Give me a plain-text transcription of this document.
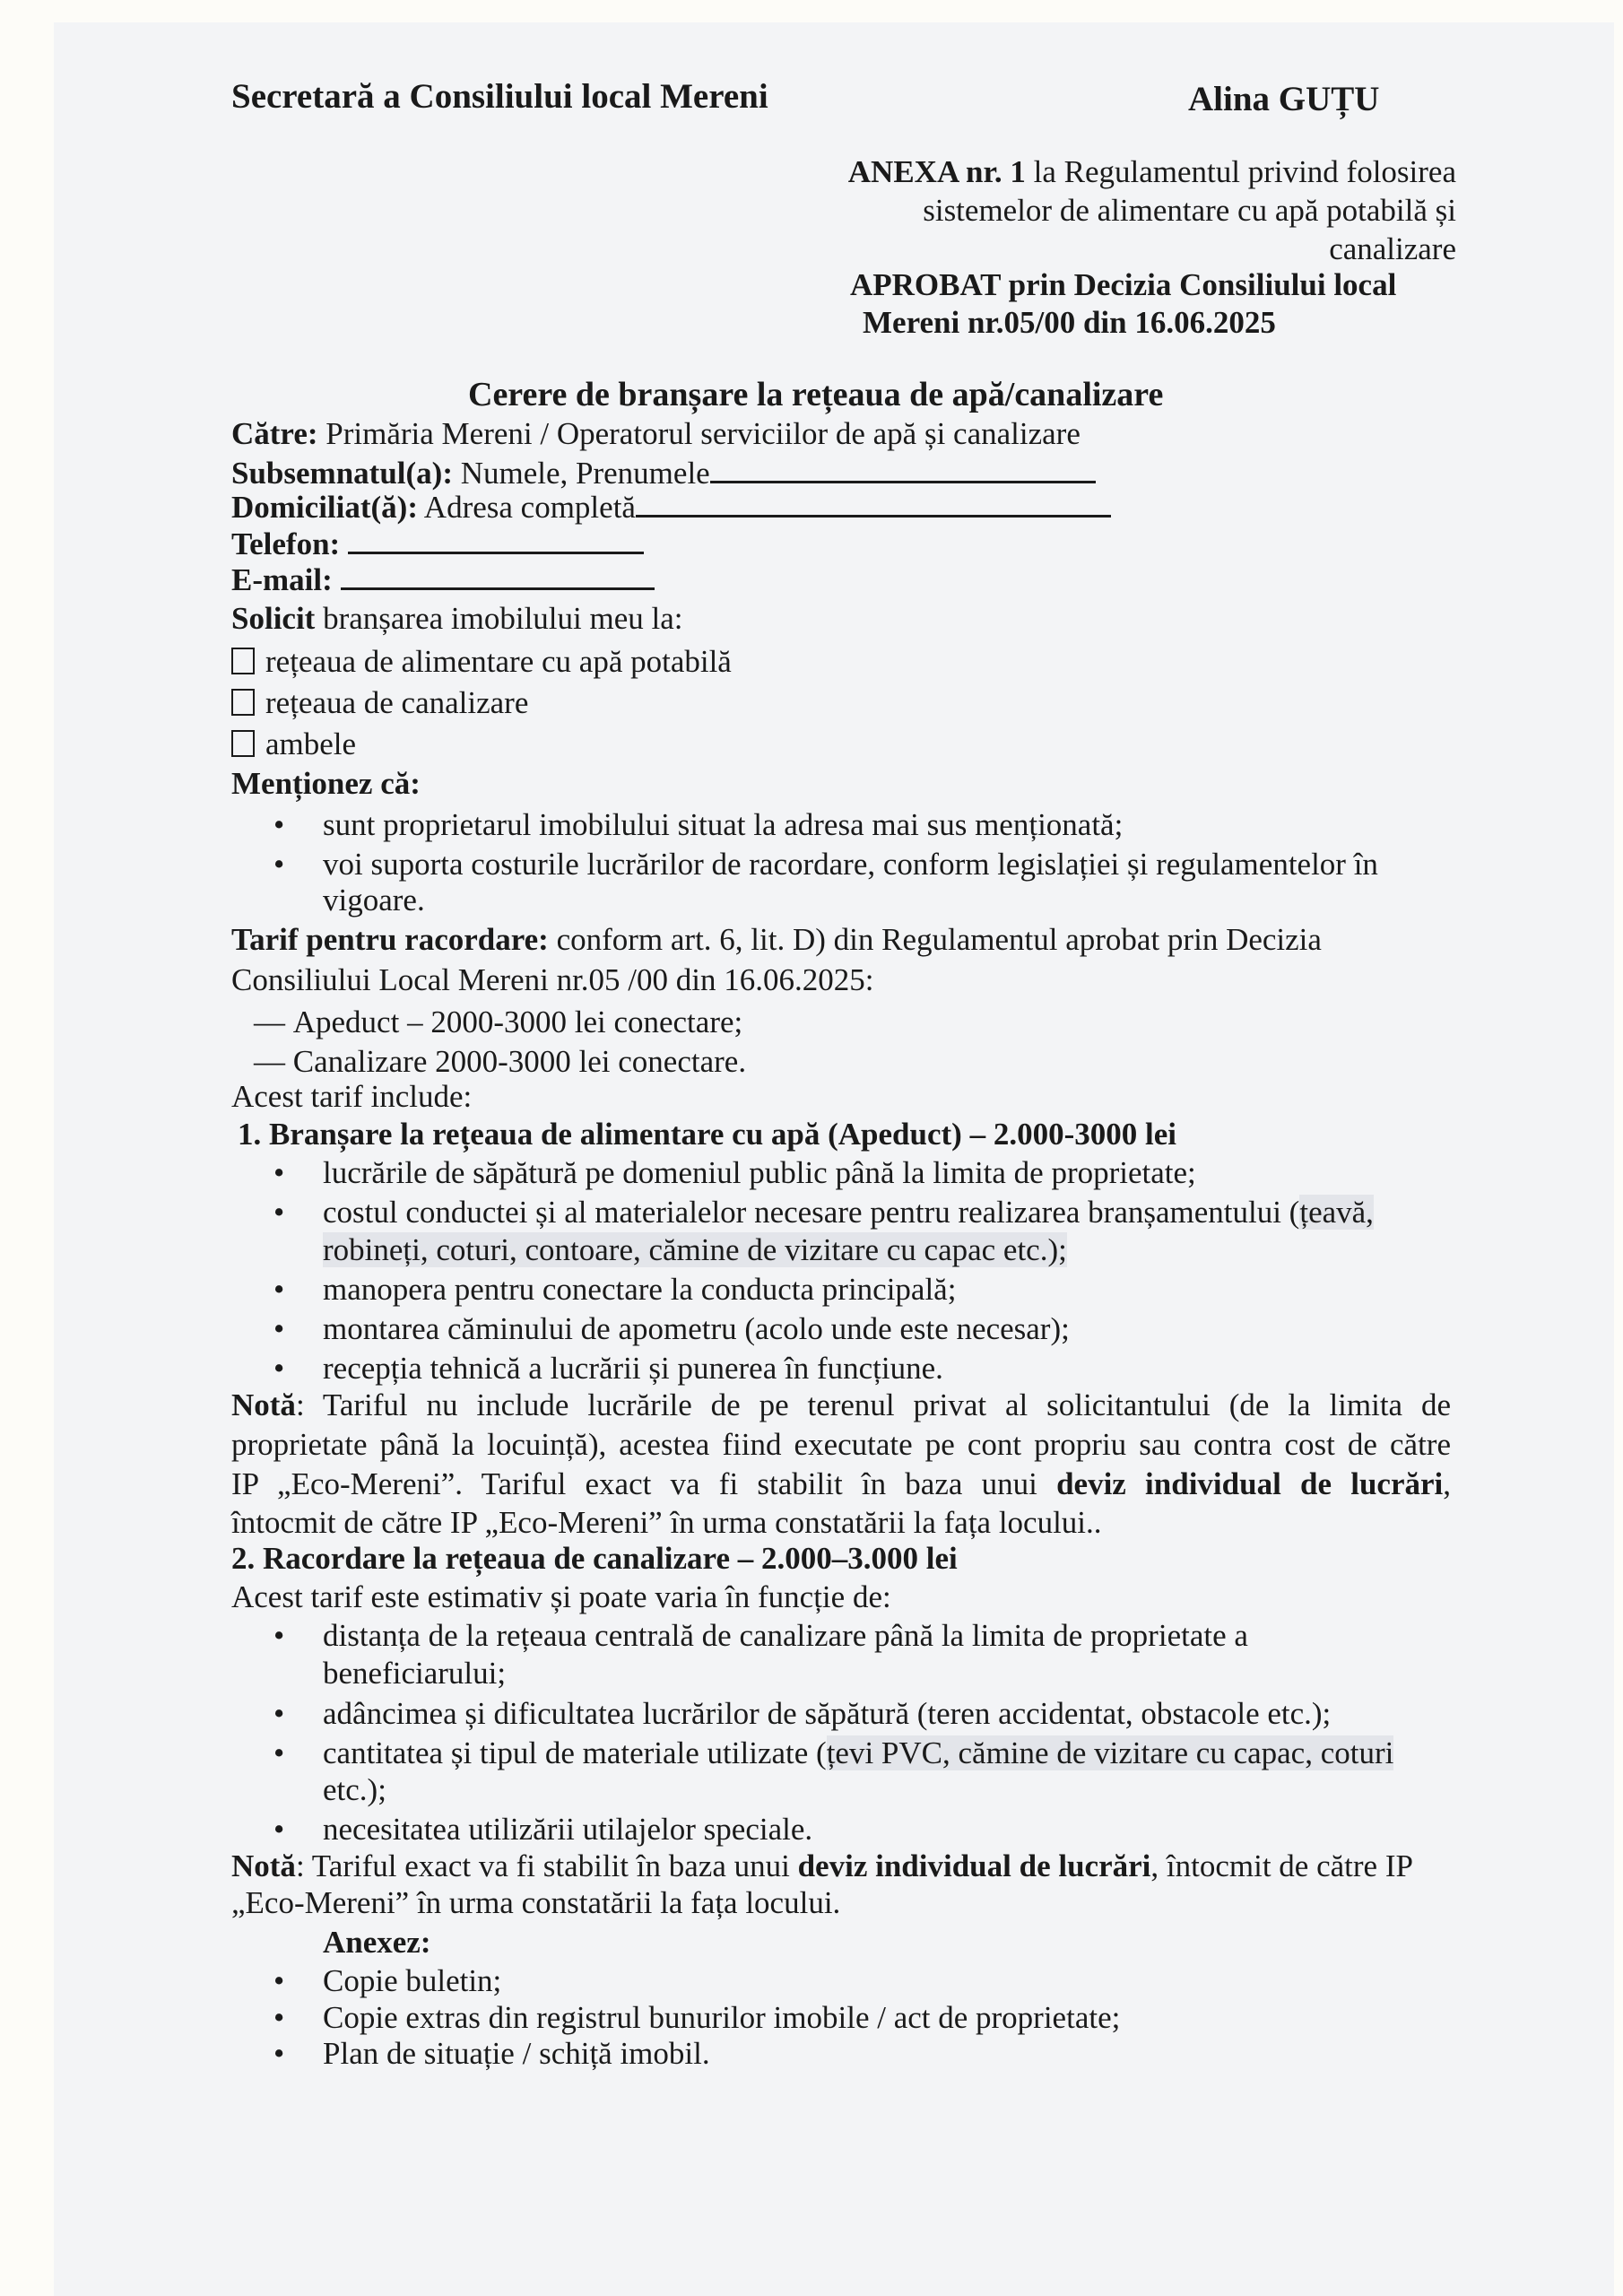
Secretară a Consiliului local Mereni	Alina GUȚU
ANEXA nr. 1 la Regulamentul privind folosirea
sistemelor de alimentare cu apă potabilă și
canalizare
APROBAT prin Decizia Consiliului local
Mereni nr.05/00 din 16.06.2025
Cerere de branșare la rețeaua de apă/canalizare
Către: Primăria Mereni / Operatorul serviciilor de apă și canalizare
Subsemnatul(a): Numele, Prenumele
Domiciliat(ă): Adresa completă
Telefon:
E-mail:
Solicit branșarea imobilului meu la:
rețeaua de alimentare cu apă potabilă
rețeaua de canalizare
ambele
Menționez că:
• sunt proprietarul imobilului situat la adresa mai sus menționată;
• voi suporta costurile lucrărilor de racordare, conform legislației și regulamentelor în
vigoare.
Tarif pentru racordare: conform art. 6, lit. D) din Regulamentul aprobat prin Decizia
Consiliului Local Mereni nr.05 /00 din 16.06.2025:
— Apeduct – 2000-3000 lei conectare;
— Canalizare 2000-3000 lei conectare.
Acest tarif include:
1. Branșare la rețeaua de alimentare cu apă (Apeduct) – 2.000-3000 lei
• lucrările de săpătură pe domeniul public până la limita de proprietate;
• costul conductei și al materialelor necesare pentru realizarea branșamentului (țeavă,
robineți, coturi, contoare, cămine de vizitare cu capac etc.);
• manopera pentru conectare la conducta principală;
• montarea căminului de apometru (acolo unde este necesar);
• recepția tehnică a lucrării și punerea în funcțiune.
Notă: Tariful nu include lucrările de pe terenul privat al solicitantului (de la limita de
proprietate până la locuință), acestea fiind executate pe cont propriu sau contra cost de către
IP „Eco-Mereni”. Tariful exact va fi stabilit în baza unui deviz individual de lucrări,
întocmit de către IP „Eco-Mereni” în urma constatării la fața locului..
2. Racordare la rețeaua de canalizare – 2.000–3.000 lei
Acest tarif este estimativ și poate varia în funcție de:
• distanța de la rețeaua centrală de canalizare până la limita de proprietate a
beneficiarului;
• adâncimea și dificultatea lucrărilor de săpătură (teren accidentat, obstacole etc.);
• cantitatea și tipul de materiale utilizate (țevi PVC, cămine de vizitare cu capac, coturi
etc.);
• necesitatea utilizării utilajelor speciale.
Notă: Tariful exact va fi stabilit în baza unui deviz individual de lucrări, întocmit de către IP
„Eco-Mereni” în urma constatării la fața locului.
Anexez:
• Copie buletin;
• Copie extras din registrul bunurilor imobile / act de proprietate;
• Plan de situație / schiță imobil.
